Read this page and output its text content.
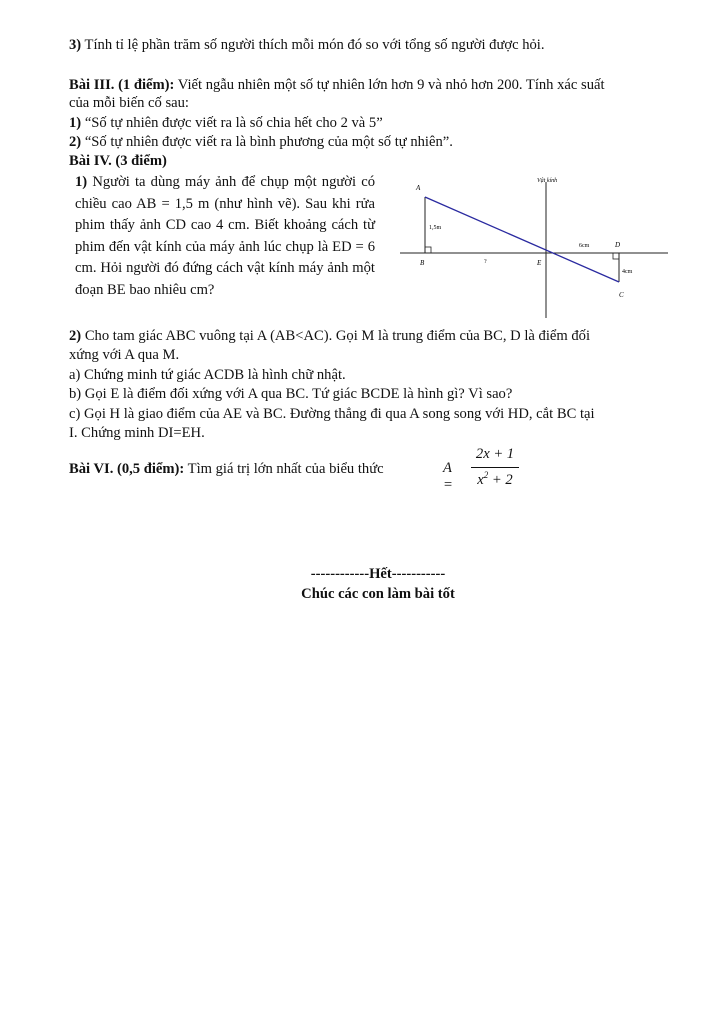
3) Tính tỉ lệ phần trăm số người thích mỗi món đó so với tổng số người được hỏi.
Bài III. (1 điểm): Viết ngẫu nhiên một số tự nhiên lớn hơn 9 và nhỏ hơn 200. Tính xác suất
của mỗi biến cố sau:
1) “Số tự nhiên được viết ra là số chia hết cho 2 và 5”
2) “Số tự nhiên được viết ra là bình phương của một số tự nhiên”.
Bài IV. (3 điểm)
1) Người ta dùng máy ảnh để chụp một người có chiều cao AB = 1,5 m (như hình vẽ). Sau khi rửa phim thấy ảnh CD cao 4 cm. Biết khoảng cách từ phim đến vật kính của máy ảnh lúc chụp là ED = 6 cm. Hỏi người đó đứng cách vật kính máy ảnh một đoạn BE bao nhiêu cm?
Vật kính
A
B	E
D
C
1,5m
6cm
4cm
?
2) Cho tam giác ABC vuông tại A (AB<AC). Gọi M là trung điểm của BC, D là điểm đối
xứng với A qua M.
a) Chứng minh tứ giác ACDB là hình chữ nhật.
b) Gọi E là điểm đối xứng với A qua BC. Tứ giác BCDE là hình gì? Vì sao?
c) Gọi H là giao điểm của AE và BC. Đường thẳng đi qua A song song với HD, cắt BC tại
I. Chứng minh DI=EH.
Bài VI. (0,5 điểm): Tìm giá trị lớn nhất của biểu thức	A =
2x + 1
$x^2 + 2$
------------Hết-----------
Chúc các con làm bài tốt
